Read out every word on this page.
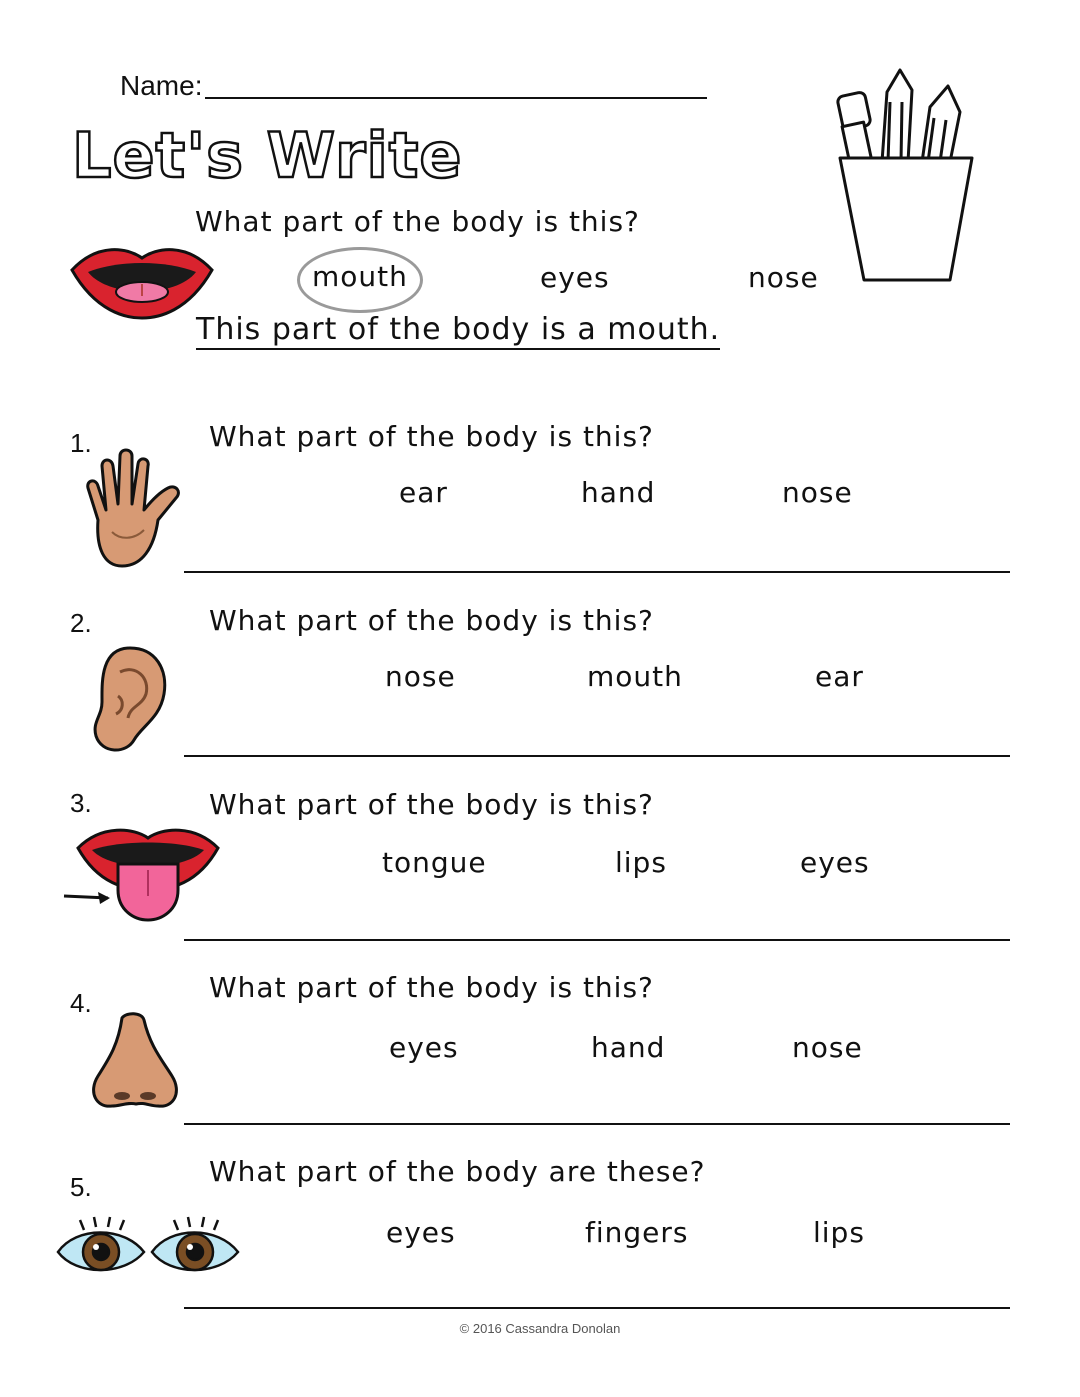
Name:
Let's Write
What part of the body is this?
mouth	eyes	nose
This part of the body is a mouth.
1.	What part of the body is this?
ear	hand	nose
2.	What part of the body is this?
nose	mouth	ear
3.	What part of the body is this?
tongue	lips	eyes
4.	What part of the body is this?
eyes	hand	nose
5.	What part of the body are these?
eyes	fingers	lips
© 2016 Cassandra Donolan
